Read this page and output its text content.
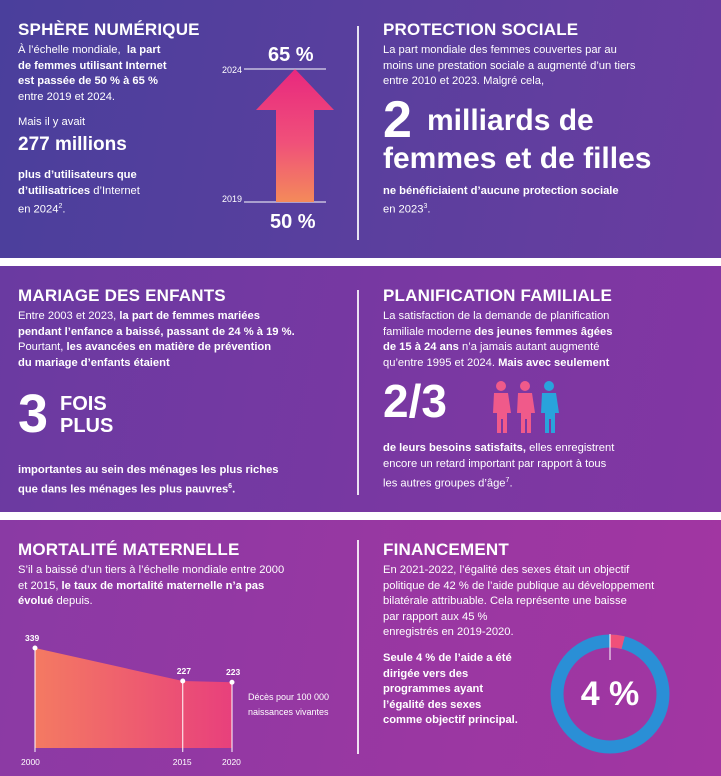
SPHÈRE NUMÉRIQUE
À l’échelle mondiale, la part
de femmes utilisant Internet
est passée de 50 % à 65 %
entre 2019 et 2024.
Mais il y avait
277 millions
plus d’utilisateurs que
d’utilisatrices d’Internet
en 2024$^2$.
2024
2019
65 %
50 %
PROTECTION SOCIALE
La part mondiale des femmes couvertes par au
moins une prestation sociale a augmenté d’un tiers
entre 2010 et 2023. Malgré cela,
2 milliards de
femmes et de filles
ne bénéficiaient d’aucune protection sociale
en 2023$^3$.
MARIAGE DES ENFANTS
Entre 2003 et 2023, la part de femmes mariées
pendant l’enfance a baissé, passant de 24 % à 19 %.
Pourtant, les avancées en matière de prévention
du mariage d’enfants étaient
3 FOIS
PLUS
importantes au sein des ménages les plus riches
que dans les ménages les plus pauvres$^6$.
PLANIFICATION FAMILIALE
La satisfaction de la demande de planification
familiale moderne des jeunes femmes âgées
de 15 à 24 ans n’a jamais autant augmenté
qu’entre 1995 et 2024. Mais avec seulement
2/3
de leurs besoins satisfaits, elles enregistrent
encore un retard important par rapport à tous
les autres groupes d’âge$^7$.
MORTALITÉ MATERNELLE
S’il a baissé d’un tiers à l’échelle mondiale entre 2000
et 2015, le taux de mortalité maternelle n’a pas
évolué depuis.
339
2000
227
2015
223
2020
Décès pour 100 000
naissances vivantes
FINANCEMENT
En 2021-2022, l’égalité des sexes était un objectif
politique de 42 % de l’aide publique au développement
bilatérale attribuable. Cela représente une baisse
par rapport aux 45 %
enregistrés en 2019-2020.
Seule 4 % de l’aide a été
dirigée vers des
programmes ayant
l’égalité des sexes
comme objectif principal.
4 %
